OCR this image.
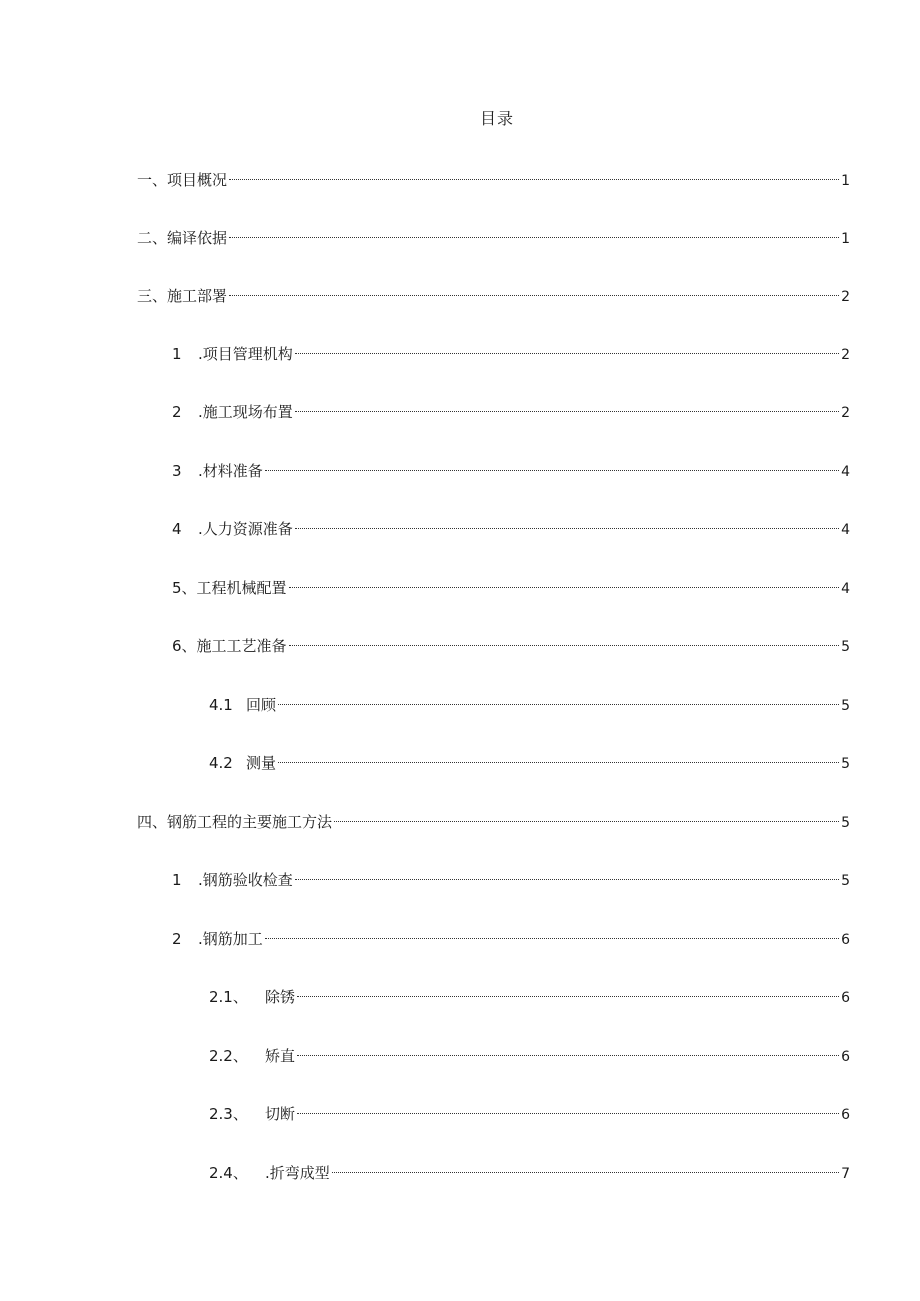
目录
一、项目概况	1
二、编译依据	1
三、施工部署	2
1	.项目管理机构	2
2	.施工现场布置	2
3	.材料准备	4
4	.人力资源准备	4
5、工程机械配置	4
6、施工工艺准备	5
4.1 回顾	5
4.2 测量	5
四、钢筋工程的主要施工方法	5
1	.钢筋验收检查	5
2	.钢筋加工	6
2.1、	除锈	6
2.2、	矫直	6
2.3、	切断	6
2.4、	.折弯成型	7
